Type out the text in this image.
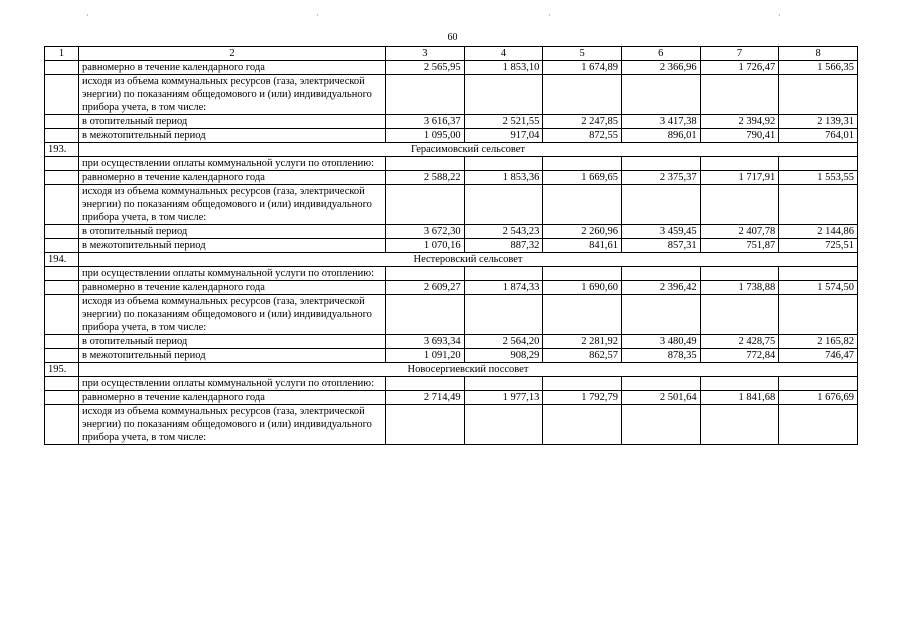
·	·	·	·
60
1	2	3	4	5	6	7	8
	равномерно в течение календарного года	2 565,95	1 853,10	1 674,89	2 366,96	1 726,47	1 566,35
	исходя из объема коммунальных ресурсов (газа, электрической энергии) по показаниям общедомового и (или) индивидуального прибора учета, в том числе:						
	в отопительный период	3 616,37	2 521,55	2 247,85	3 417,38	2 394,92	2 139,31
	в межотопительный период	1 095,00	917,04	872,55	896,01	790,41	764,01
193.	Герасимовский сельсовет						
	при осуществлении оплаты коммунальной услуги по отоплению:						
	равномерно в течение календарного года	2 588,22	1 853,36	1 669,65	2 375,37	1 717,91	1 553,55
	исходя из объема коммунальных ресурсов (газа, электрической энергии) по показаниям общедомового и (или) индивидуального прибора учета, в том числе:						
	в отопительный период	3 672,30	2 543,23	2 260,96	3 459,45	2 407,78	2 144,86
	в межотопительный период	1 070,16	887,32	841,61	857,31	751,87	725,51
194.	Нестеровский сельсовет						
	при осуществлении оплаты коммунальной услуги по отоплению:						
	равномерно в течение календарного года	2 609,27	1 874,33	1 690,60	2 396,42	1 738,88	1 574,50
	исходя из объема коммунальных ресурсов (газа, электрической энергии) по показаниям общедомового и (или) индивидуального прибора учета, в том числе:						
	в отопительный период	3 693,34	2 564,20	2 281,92	3 480,49	2 428,75	2 165,82
	в межотопительный период	1 091,20	908,29	862,57	878,35	772,84	746,47
195.	Новосергиевский поссовет						
	при осуществлении оплаты коммунальной услуги по отоплению:						
	равномерно в течение календарного года	2 714,49	1 977,13	1 792,79	2 501,64	1 841,68	1 676,69
	исходя из объема коммунальных ресурсов (газа, электрической энергии) по показаниям общедомового и (или) индивидуального прибора учета, в том числе:						
